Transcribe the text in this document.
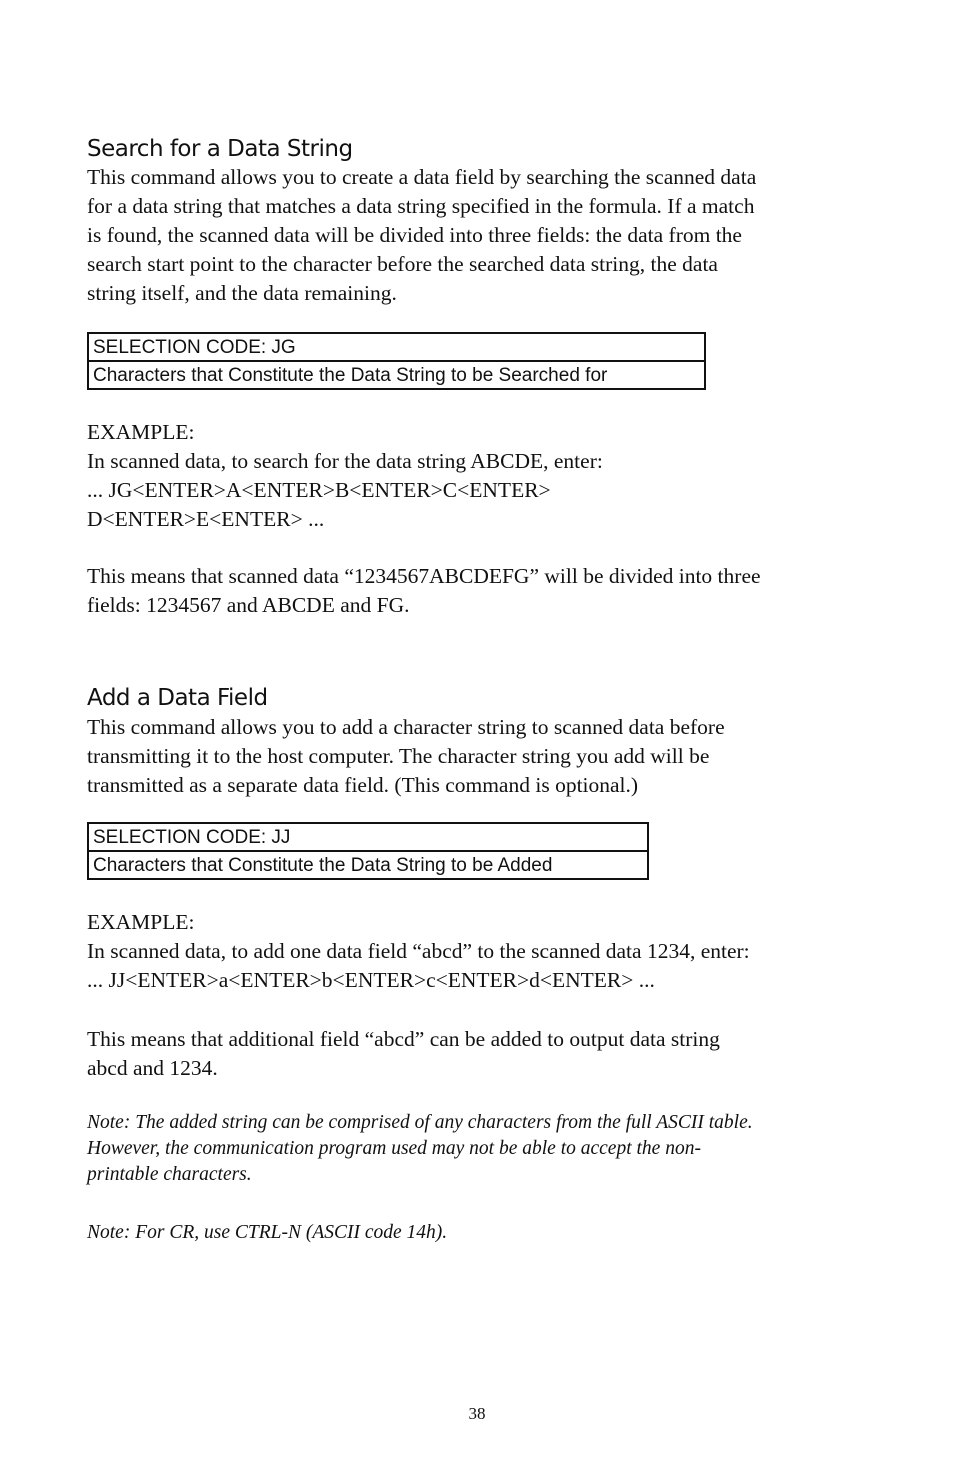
Search for a Data String

This command allows you to create a data field by searching the scanned data
for a data string that matches a data string specified in the formula. If a match
is found, the scanned data will be divided into three fields: the data from the
search start point to the character before the searched data string, the data
string itself, and the data remaining.

SELECTION CODE: JG
Characters that Constitute the Data String to be Searched for

EXAMPLE:
In scanned data, to search for the data string ABCDE, enter:
... JG<ENTER>A<ENTER>B<ENTER>C<ENTER>
D<ENTER>E<ENTER> ...

This means that scanned data “1234567ABCDEFG” will be divided into three
fields: 1234567 and ABCDE and FG.

Add a Data Field

This command allows you to add a character string to scanned data before
transmitting it to the host computer. The character string you add will be
transmitted as a separate data field. (This command is optional.)

SELECTION CODE: JJ
Characters that Constitute the Data String to be Added

EXAMPLE:
In scanned data, to add one data field “abcd” to the scanned data 1234, enter:
... JJ<ENTER>a<ENTER>b<ENTER>c<ENTER>d<ENTER> ...

This means that additional field “abcd” can be added to output data string
abcd and 1234.

Note: The added string can be comprised of any characters from the full ASCII table.
However, the communication program used may not be able to accept the non-
printable characters.

Note: For CR, use CTRL-N (ASCII code 14h).

38
